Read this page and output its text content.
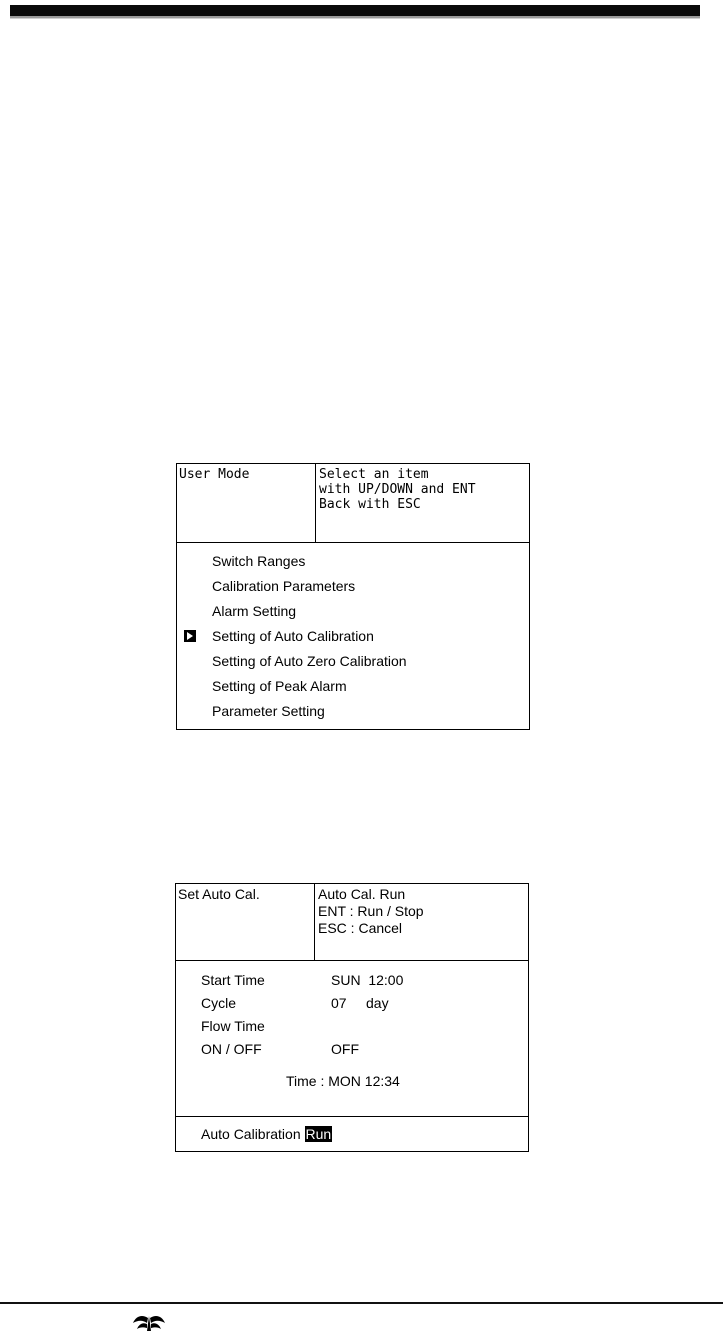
User Mode	Select an item
with UP/DOWN and ENT
Back with ESC
Switch Ranges
Calibration Parameters
Alarm Setting
Setting of Auto Calibration
Setting of Auto Zero Calibration
Setting of Peak Alarm
Parameter Setting
Set Auto Cal.	Auto Cal. Run
ENT : Run / Stop
ESC : Cancel
Start Time	SUN  12:00
Cycle	07     day
Flow Time
ON / OFF	OFF
Time : MON 12:34
Auto Calibration Run
